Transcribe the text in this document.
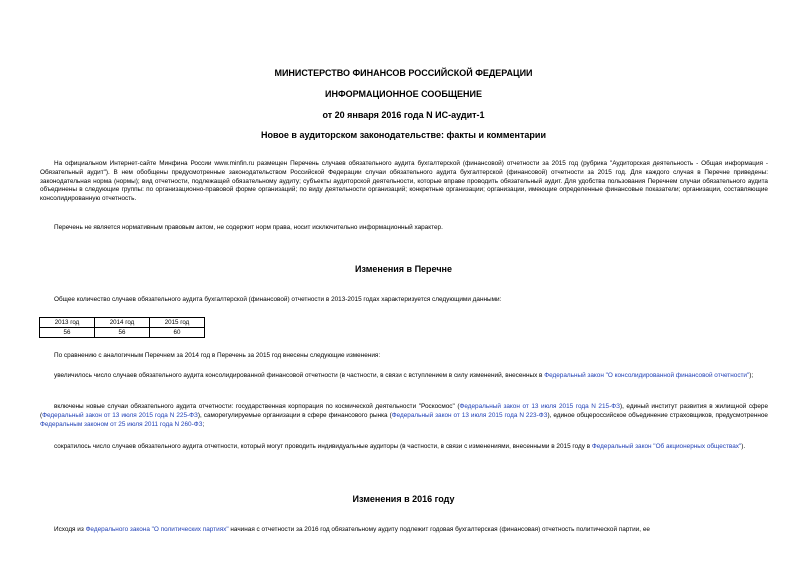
МИНИСТЕРСТВО ФИНАНСОВ РОССИЙСКОЙ ФЕДЕРАЦИИ
ИНФОРМАЦИОННОЕ СООБЩЕНИЕ
от 20 января 2016 года N ИС-аудит-1
Новое в аудиторском законодательстве: факты и комментарии

На официальном Интернет-сайте Минфина России www.minfin.ru размещен Перечень случаев обязательного аудита бухгалтерской (финансовой) отчетности за 2015 год (рубрика "Аудиторская деятельность - Общая информация - Обязательный аудит"). В нем обобщены предусмотренные законодательством Российской Федерации случаи обязательного аудита бухгалтерской (финансовой) отчетности за 2015 год. Для каждого случая в Перечне приведены: законодательная норма (нормы); вид отчетности, подлежащей обязательному аудиту; субъекты аудиторской деятельности, которые вправе проводить обязательный аудит. Для удобства пользования Перечнем случаи обязательного аудита объединены в следующие группы: по организационно-правовой форме организаций; по виду деятельности организаций; конкретные организации; организации, имеющие определенные финансовые показатели; организации, составляющие консолидированную отчетность.

Перечень не является нормативным правовым актом, не содержит норм права, носит исключительно информационный характер.

Изменения в Перечне

Общее количество случаев обязательного аудита бухгалтерской (финансовой) отчетности в 2013-2015 годах характеризуется следующими данными:

2013 год	2014 год	2015 год
56	56	60

По сравнению с аналогичным Перечнем за 2014 год в Перечень за 2015 год внесены следующие изменения:

увеличилось число случаев обязательного аудита консолидированной финансовой отчетности (в частности, в связи с вступлением в силу изменений, внесенных в Федеральный закон "О консолидированной финансовой отчетности");

включены новые случаи обязательного аудита отчетности: государственная корпорация по космической деятельности "Роскосмос" (Федеральный закон от 13 июля 2015 года N 215-ФЗ), единый институт развития в жилищной сфере (Федеральный закон от 13 июля 2015 года N 225-ФЗ), саморегулируемые организации в сфере финансового рынка (Федеральный закон от 13 июля 2015 года N 223-ФЗ), единое общероссийское объединение страховщиков, предусмотренное Федеральным законом от 25 июля 2011 года N 260-ФЗ;

сократилось число случаев обязательного аудита отчетности, который могут проводить индивидуальные аудиторы (в частности, в связи с изменениями, внесенными в 2015 году в Федеральный закон "Об акционерных обществах").

Изменения в 2016 году

Исходя из Федерального закона "О политических партиях" начиная с отчетности за 2016 год обязательному аудиту подлежит годовая бухгалтерская (финансовая) отчетность политической партии, ее
